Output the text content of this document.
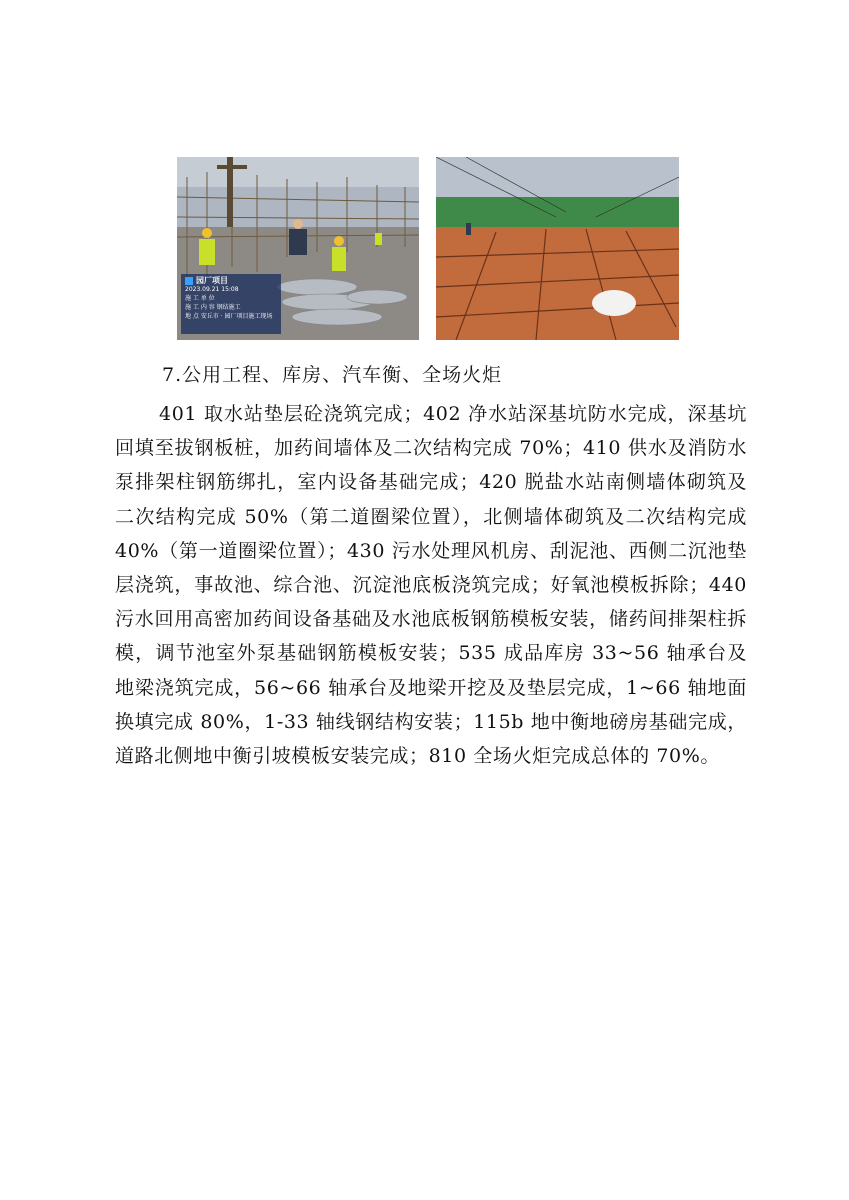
园厂项目
2023.09.21 15:08
施 工 单 位
施 工 内 容 钢结施工
地 点 安丘市 · 园厂项目施工现场
7.公用工程、库房、汽车衡、全场火炬

401 取水站垫层砼浇筑完成；402 净水站深基坑防水完成，深基坑回填至拔钢板桩，加药间墙体及二次结构完成 70%；410 供水及消防水泵排架柱钢筋绑扎，室内设备基础完成；420 脱盐水站南侧墙体砌筑及二次结构完成 50%（第二道圈梁位置），北侧墙体砌筑及二次结构完成 40%（第一道圈梁位置）；430 污水处理风机房、刮泥池、西侧二沉池垫层浇筑，事故池、综合池、沉淀池底板浇筑完成；好氧池模板拆除；440 污水回用高密加药间设备基础及水池底板钢筋模板安装，储药间排架柱拆模，调节池室外泵基础钢筋模板安装；535 成品库房 33~56 轴承台及地梁浇筑完成，56~66 轴承台及地梁开挖及及垫层完成，1~66 轴地面换填完成 80%，1-33 轴线钢结构安装；115b 地中衡地磅房基础完成，道路北侧地中衡引坡模板安装完成；810 全场火炬完成总体的 70%。
